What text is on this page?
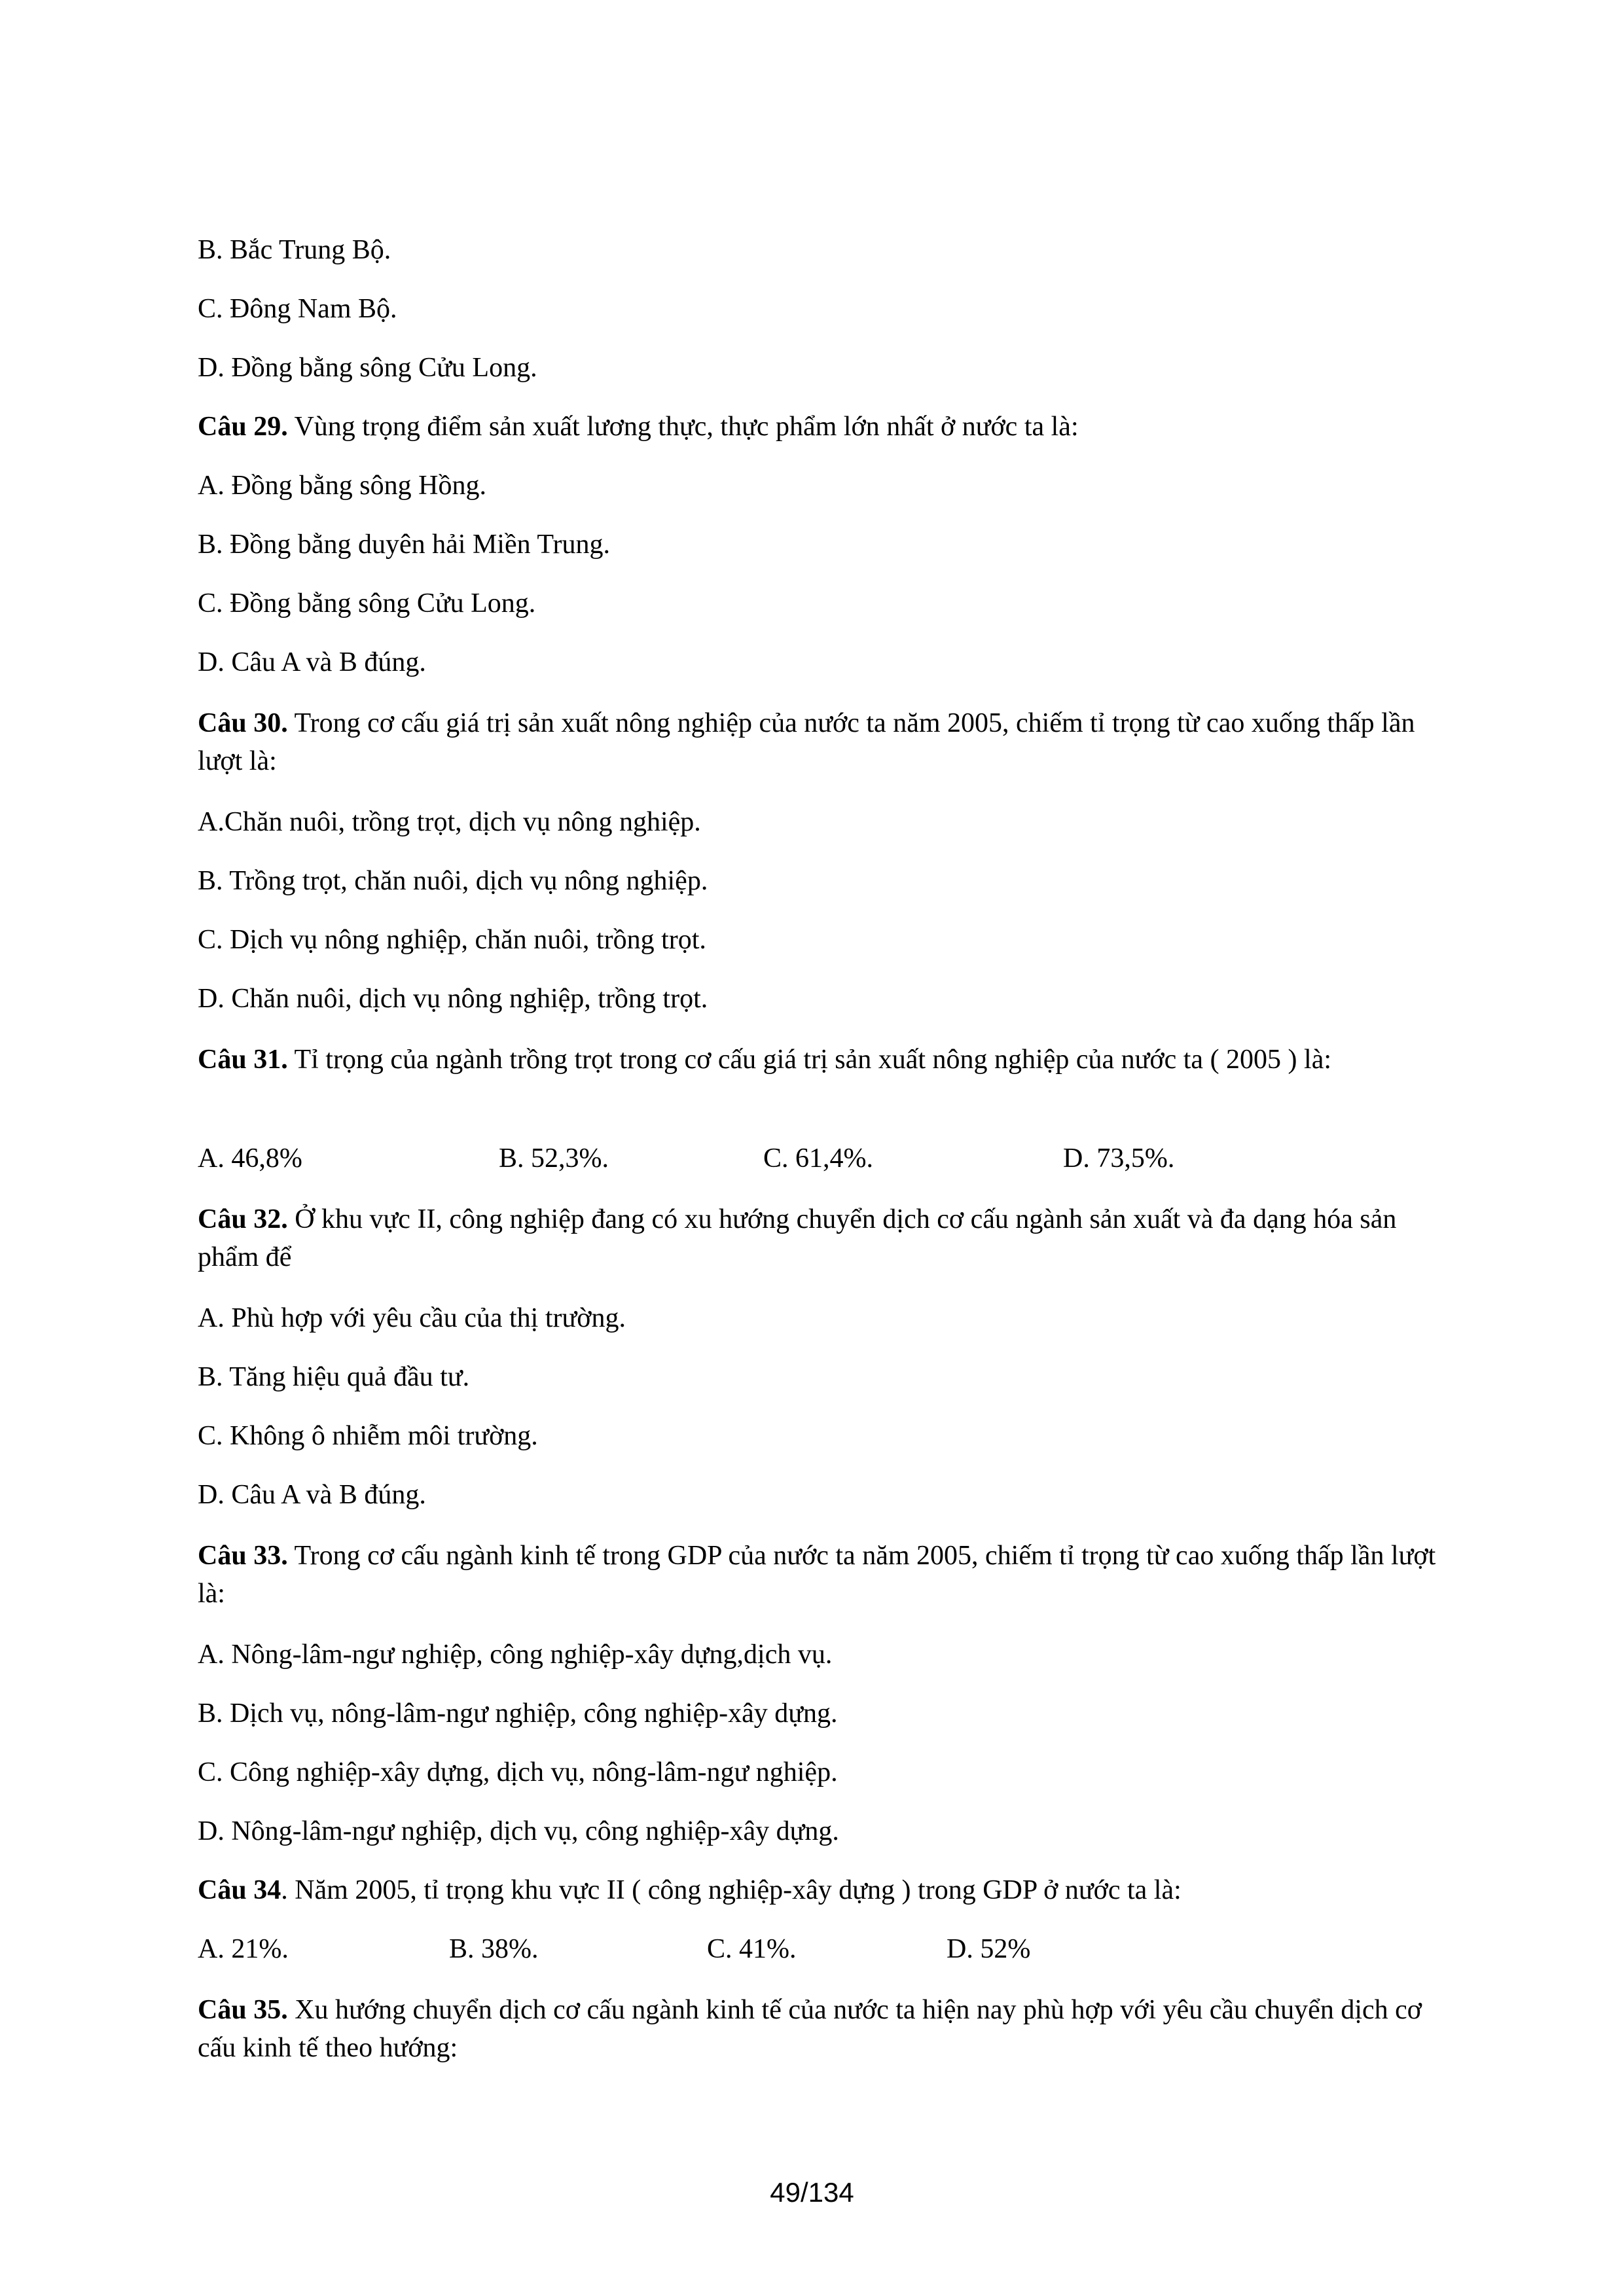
B. Bắc Trung Bộ.
C. Đông Nam Bộ.
D. Đồng bằng sông Cửu Long.
Câu 29. Vùng trọng điểm sản xuất lương thực, thực phẩm lớn nhất ở nước ta là:
A. Đồng bằng sông Hồng.
B. Đồng bằng duyên hải Miền Trung.
C. Đồng bằng sông Cửu Long.
D. Câu A và B đúng.
Câu 30. Trong cơ cấu giá trị sản xuất nông nghiệp của nước ta năm 2005, chiếm tỉ trọng từ cao xuống thấp lần lượt là:
A.Chăn nuôi, trồng trọt, dịch vụ nông nghiệp.
B. Trồng trọt, chăn nuôi, dịch vụ nông nghiệp.
C. Dịch vụ nông nghiệp, chăn nuôi, trồng trọt.
D. Chăn nuôi, dịch vụ nông nghiệp, trồng trọt.
Câu 31. Tỉ trọng của ngành trồng trọt trong cơ cấu giá trị sản xuất nông nghiệp của nước ta ( 2005 ) là:
A. 46,8%	B. 52,3%.	C. 61,4%.	D. 73,5%.
Câu 32. Ở khu vực II, công nghiệp đang có xu hướng chuyển dịch cơ cấu ngành sản xuất và đa dạng hóa sản phẩm để
A. Phù hợp với yêu cầu của thị trường.
B. Tăng hiệu quả đầu tư.
C. Không ô nhiễm môi trường.
D. Câu A và B đúng.
Câu 33. Trong cơ cấu ngành kinh tế trong GDP của nước ta năm 2005, chiếm tỉ trọng từ cao xuống thấp lần lượt là:
A. Nông-lâm-ngư nghiệp, công nghiệp-xây dựng,dịch vụ.
B. Dịch vụ, nông-lâm-ngư nghiệp, công nghiệp-xây dựng.
C. Công nghiệp-xây dựng, dịch vụ, nông-lâm-ngư nghiệp.
D. Nông-lâm-ngư nghiệp, dịch vụ, công nghiệp-xây dựng.
Câu 34. Năm 2005, tỉ trọng khu vực II ( công nghiệp-xây dựng ) trong GDP ở nước ta là:
A. 21%.	B. 38%.	C. 41%.	D. 52%
Câu 35. Xu hướng chuyển dịch cơ cấu ngành kinh tế của nước ta hiện nay phù hợp với yêu cầu chuyển dịch cơ cấu kinh tế theo hướng:
49/134
